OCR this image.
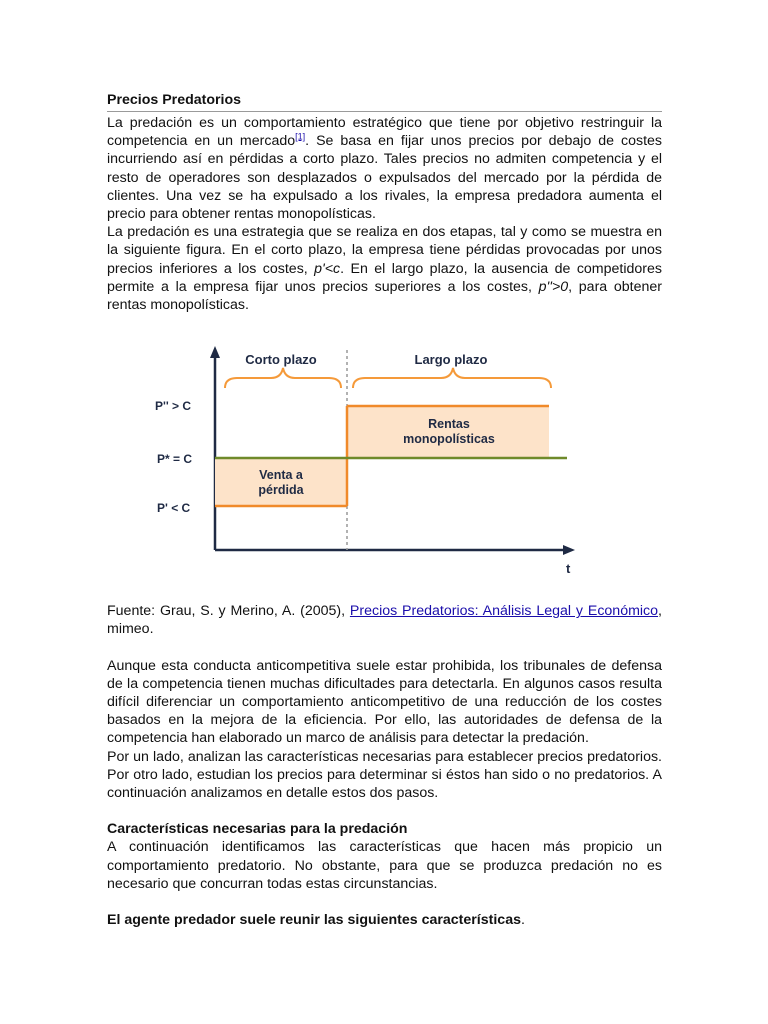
Precios Predatorios

La predación es un comportamiento estratégico que tiene por objetivo restringuir la competencia en un mercado[1]. Se basa en fijar unos precios por debajo de costes incurriendo así en pérdidas a corto plazo. Tales precios no admiten competencia y el resto de operadores son desplazados o expulsados del mercado por la pérdida de clientes. Una vez se ha expulsado a los rivales, la empresa predadora aumenta el precio para obtener rentas monopolísticas.

La predación es una estrategia que se realiza en dos etapas, tal y como se muestra en la siguiente figura. En el corto plazo, la empresa tiene pérdidas provocadas por unos precios inferiores a los costes, p'<c. En el largo plazo, la ausencia de competidores permite a la empresa fijar unos precios superiores a los costes, p''>0, para obtener rentas monopolísticas.

t
Corto plazo	Largo plazo
P'' > C
P* = C
P' < C
Rentas
monopolísticas
Venta a
pérdida

Fuente: Grau, S. y Merino, A. (2005), Precios Predatorios: Análisis Legal y Económico, mimeo.

Aunque esta conducta anticompetitiva suele estar prohibida, los tribunales de defensa de la competencia tienen muchas dificultades para detectarla. En algunos casos resulta difícil diferenciar un comportamiento anticompetitivo de una reducción de los costes basados en la mejora de la eficiencia. Por ello, las autoridades de defensa de la competencia han elaborado un marco de análisis para detectar la predación.

Por un lado, analizan las características necesarias para establecer precios predatorios. Por otro lado, estudian los precios para determinar si éstos han sido o no predatorios. A continuación analizamos en detalle estos dos pasos.

Características necesarias para la predación

A continuación identificamos las características que hacen más propicio un comportamiento predatorio. No obstante, para que se produzca predación no es necesario que concurran todas estas circunstancias.

El agente predador suele reunir las siguientes características.
